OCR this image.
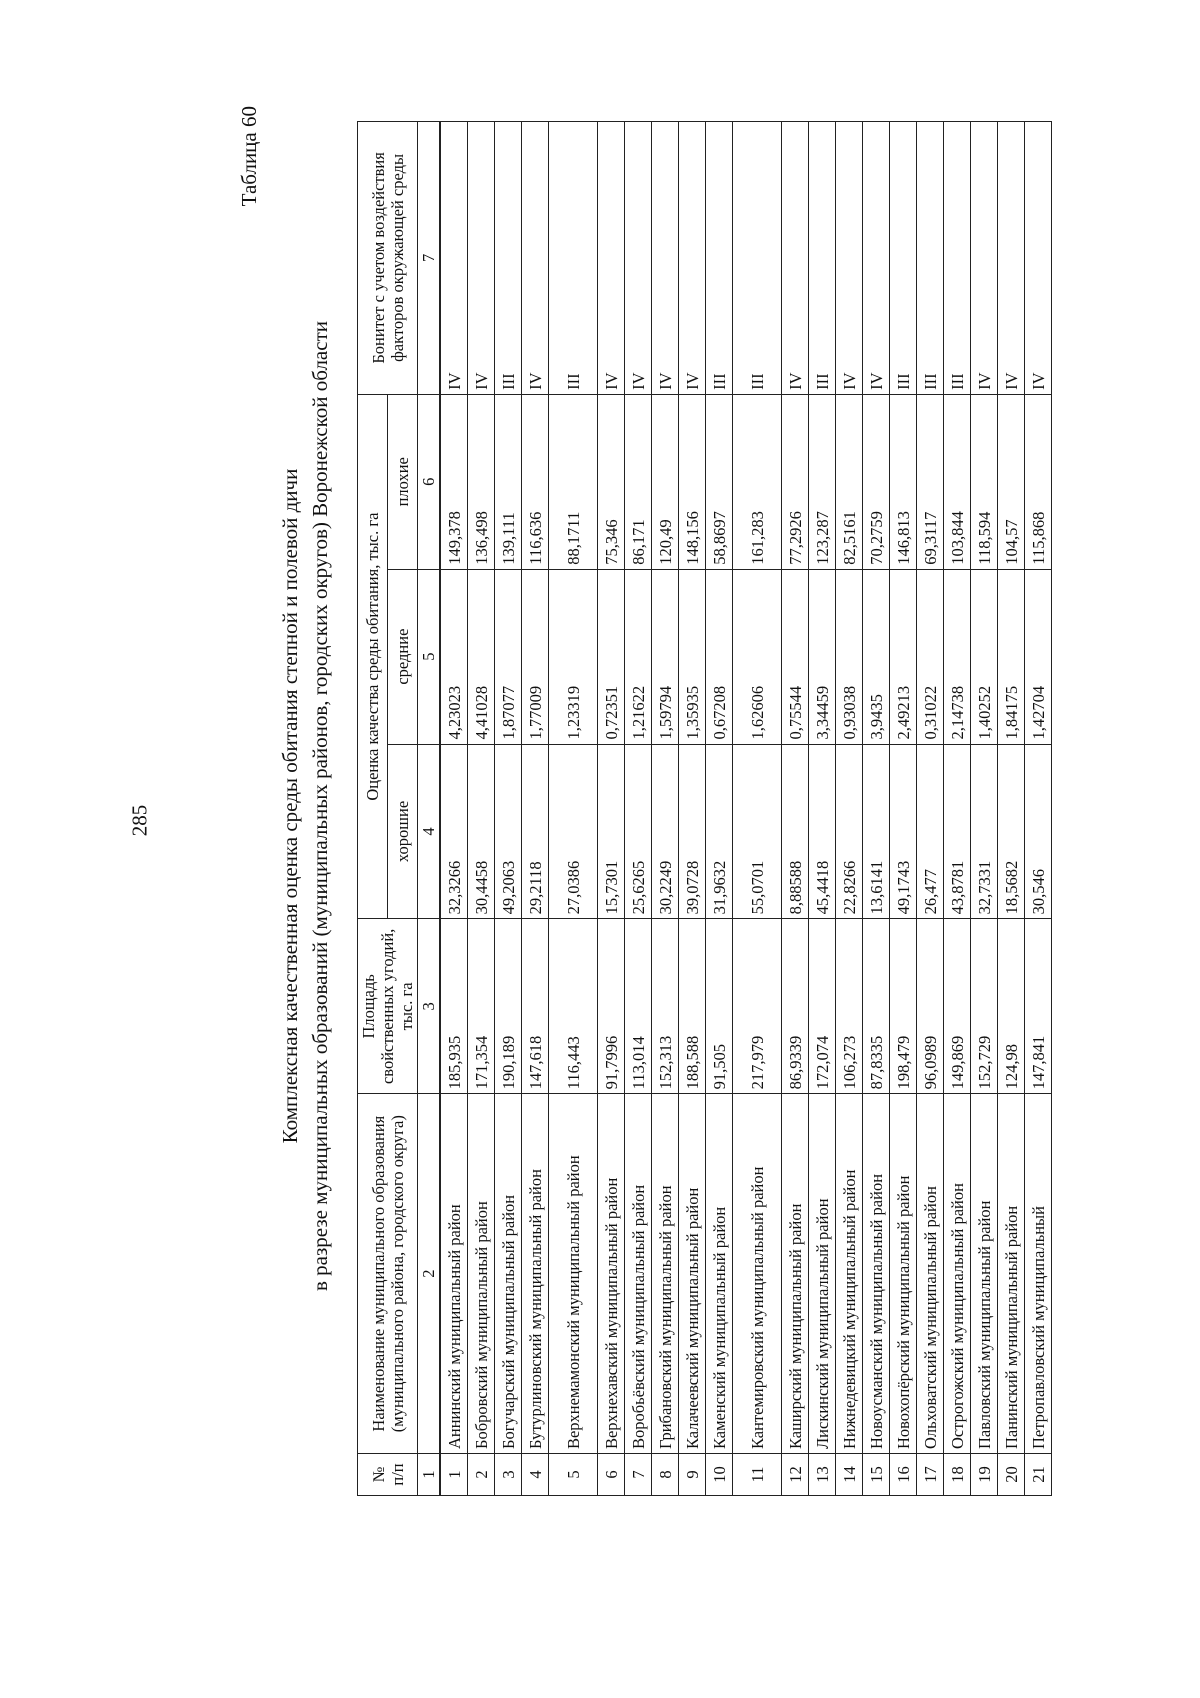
285
Таблица 60
Комплексная качественная оценка среды обитания степной и полевой дичи в разрезе муниципальных образований (муниципальных районов, городских округов) Воронежской области
№ п/п	Наименование муниципального образования (муниципального района, городского округа)	Площадь свойственных угодий, тыс. га	Оценка качества среды обитания, тыс. га			Бонитет с учетом воздействия факторов окружающей среды
			хорошие	средние	плохие	
1	2	3	4	5	6	7
1	Аннинский муниципальный район	185,935	32,3266	4,23023	149,378	IV
2	Бобровский муниципальный район	171,354	30,4458	4,41028	136,498	IV
3	Богучарский муниципальный район	190,189	49,2063	1,87077	139,111	III
4	Бутурлиновский муниципальный район	147,618	29,2118	1,77009	116,636	IV
5	Верхнемамонский муниципальный район	116,443	27,0386	1,23319	88,1711	III
6	Верхнехавский муниципальный район	91,7996	15,7301	0,72351	75,346	IV
7	Воробьёвский муниципальный район	113,014	25,6265	1,21622	86,171	IV
8	Грибановский муниципальный район	152,313	30,2249	1,59794	120,49	IV
9	Калачеевский муниципальный район	188,588	39,0728	1,35935	148,156	IV
10	Каменский муниципальный район	91,505	31,9632	0,67208	58,8697	III
11	Кантемировский муниципальный район	217,979	55,0701	1,62606	161,283	III
12	Каширский муниципальный район	86,9339	8,88588	0,75544	77,2926	IV
13	Лискинский муниципальный район	172,074	45,4418	3,34459	123,287	III
14	Нижнедевицкий муниципальный район	106,273	22,8266	0,93038	82,5161	IV
15	Новоусманский муниципальный район	87,8335	13,6141	3,9435	70,2759	IV
16	Новохопёрский муниципальный район	198,479	49,1743	2,49213	146,813	III
17	Ольховатский муниципальный район	96,0989	26,477	0,31022	69,3117	III
18	Острогожский муниципальный район	149,869	43,8781	2,14738	103,844	III
19	Павловский муниципальный район	152,729	32,7331	1,40252	118,594	IV
20	Панинский муниципальный район	124,98	18,5682	1,84175	104,57	IV
21	Петропавловский муниципальный	147,841	30,546	1,42704	115,868	IV
